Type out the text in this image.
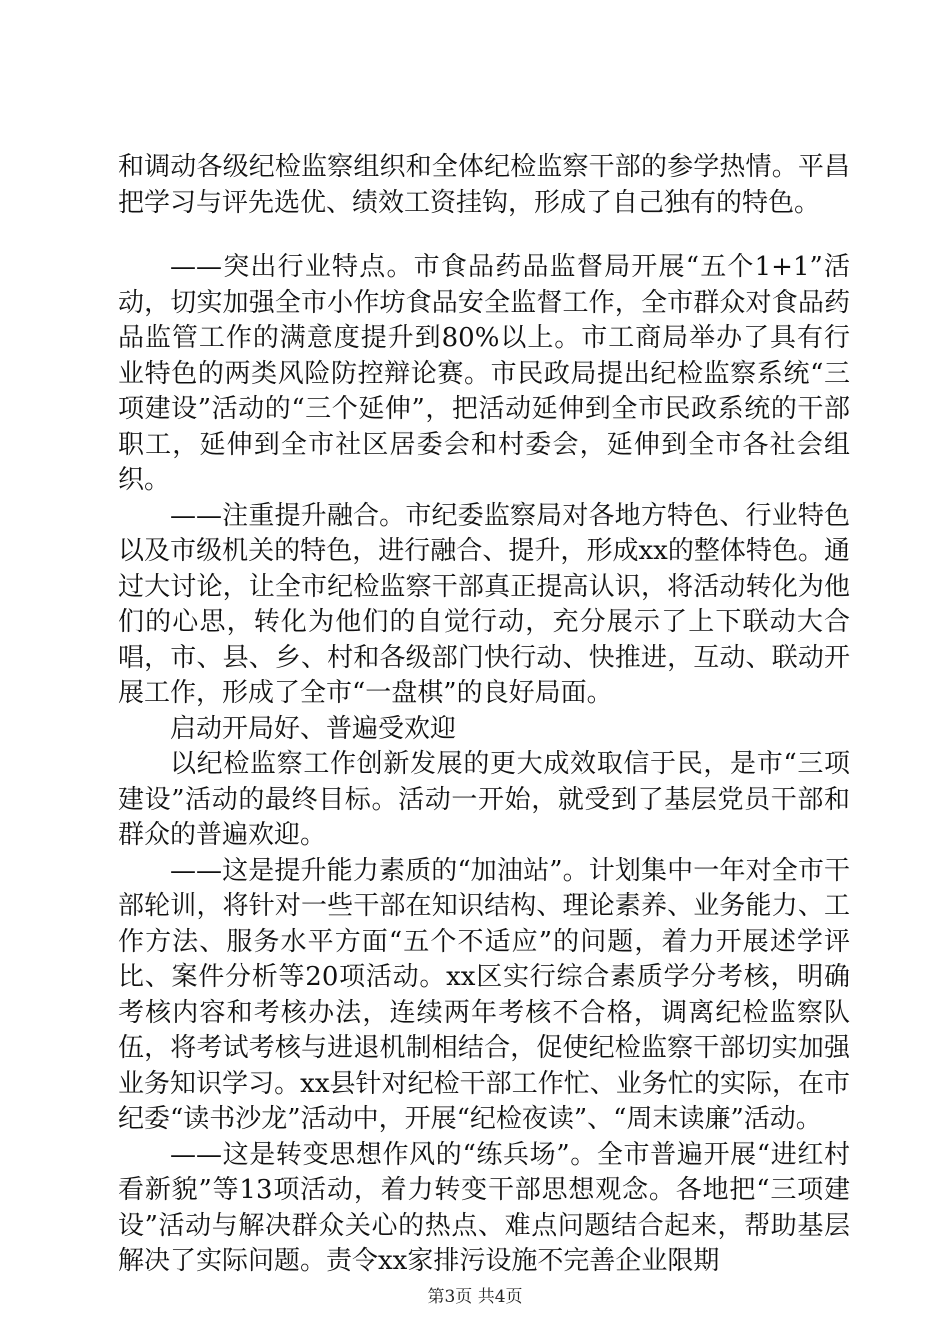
和调动各级纪检监察组织和全体纪检监察干部的参学热情。平昌把学习与评先选优、绩效工资挂钩，形成了自己独有的特色。

——突出行业特点。市食品药品监督局开展“五个1+1”活动，切实加强全市小作坊食品安全监督工作，全市群众对食品药品监管工作的满意度提升到80%以上。市工商局举办了具有行业特色的两类风险防控辩论赛。市民政局提出纪检监察系统“三项建设”活动的“三个延伸”，把活动延伸到全市民政系统的干部职工，延伸到全市社区居委会和村委会，延伸到全市各社会组织。

——注重提升融合。市纪委监察局对各地方特色、行业特色以及市级机关的特色，进行融合、提升，形成xx的整体特色。通过大讨论，让全市纪检监察干部真正提高认识，将活动转化为他们的心思，转化为他们的自觉行动，充分展示了上下联动大合唱，市、县、乡、村和各级部门快行动、快推进，互动、联动开展工作，形成了全市“一盘棋”的良好局面。

启动开局好、普遍受欢迎

以纪检监察工作创新发展的更大成效取信于民，是市“三项建设”活动的最终目标。活动一开始，就受到了基层党员干部和群众的普遍欢迎。

——这是提升能力素质的“加油站”。计划集中一年对全市干部轮训，将针对一些干部在知识结构、理论素养、业务能力、工作方法、服务水平方面“五个不适应”的问题，着力开展述学评比、案件分析等20项活动。xx区实行综合素质学分考核，明确考核内容和考核办法，连续两年考核不合格，调离纪检监察队伍，将考试考核与进退机制相结合，促使纪检监察干部切实加强业务知识学习。xx县针对纪检干部工作忙、业务忙的实际，在市纪委“读书沙龙”活动中，开展“纪检夜读”、“周末读廉”活动。

——这是转变思想作风的“练兵场”。全市普遍开展“进红村看新貌”等13项活动，着力转变干部思想观念。各地把“三项建设”活动与解决群众关心的热点、难点问题结合起来，帮助基层解决了实际问题。责令xx家排污设施不完善企业限期

第3页 共4页
